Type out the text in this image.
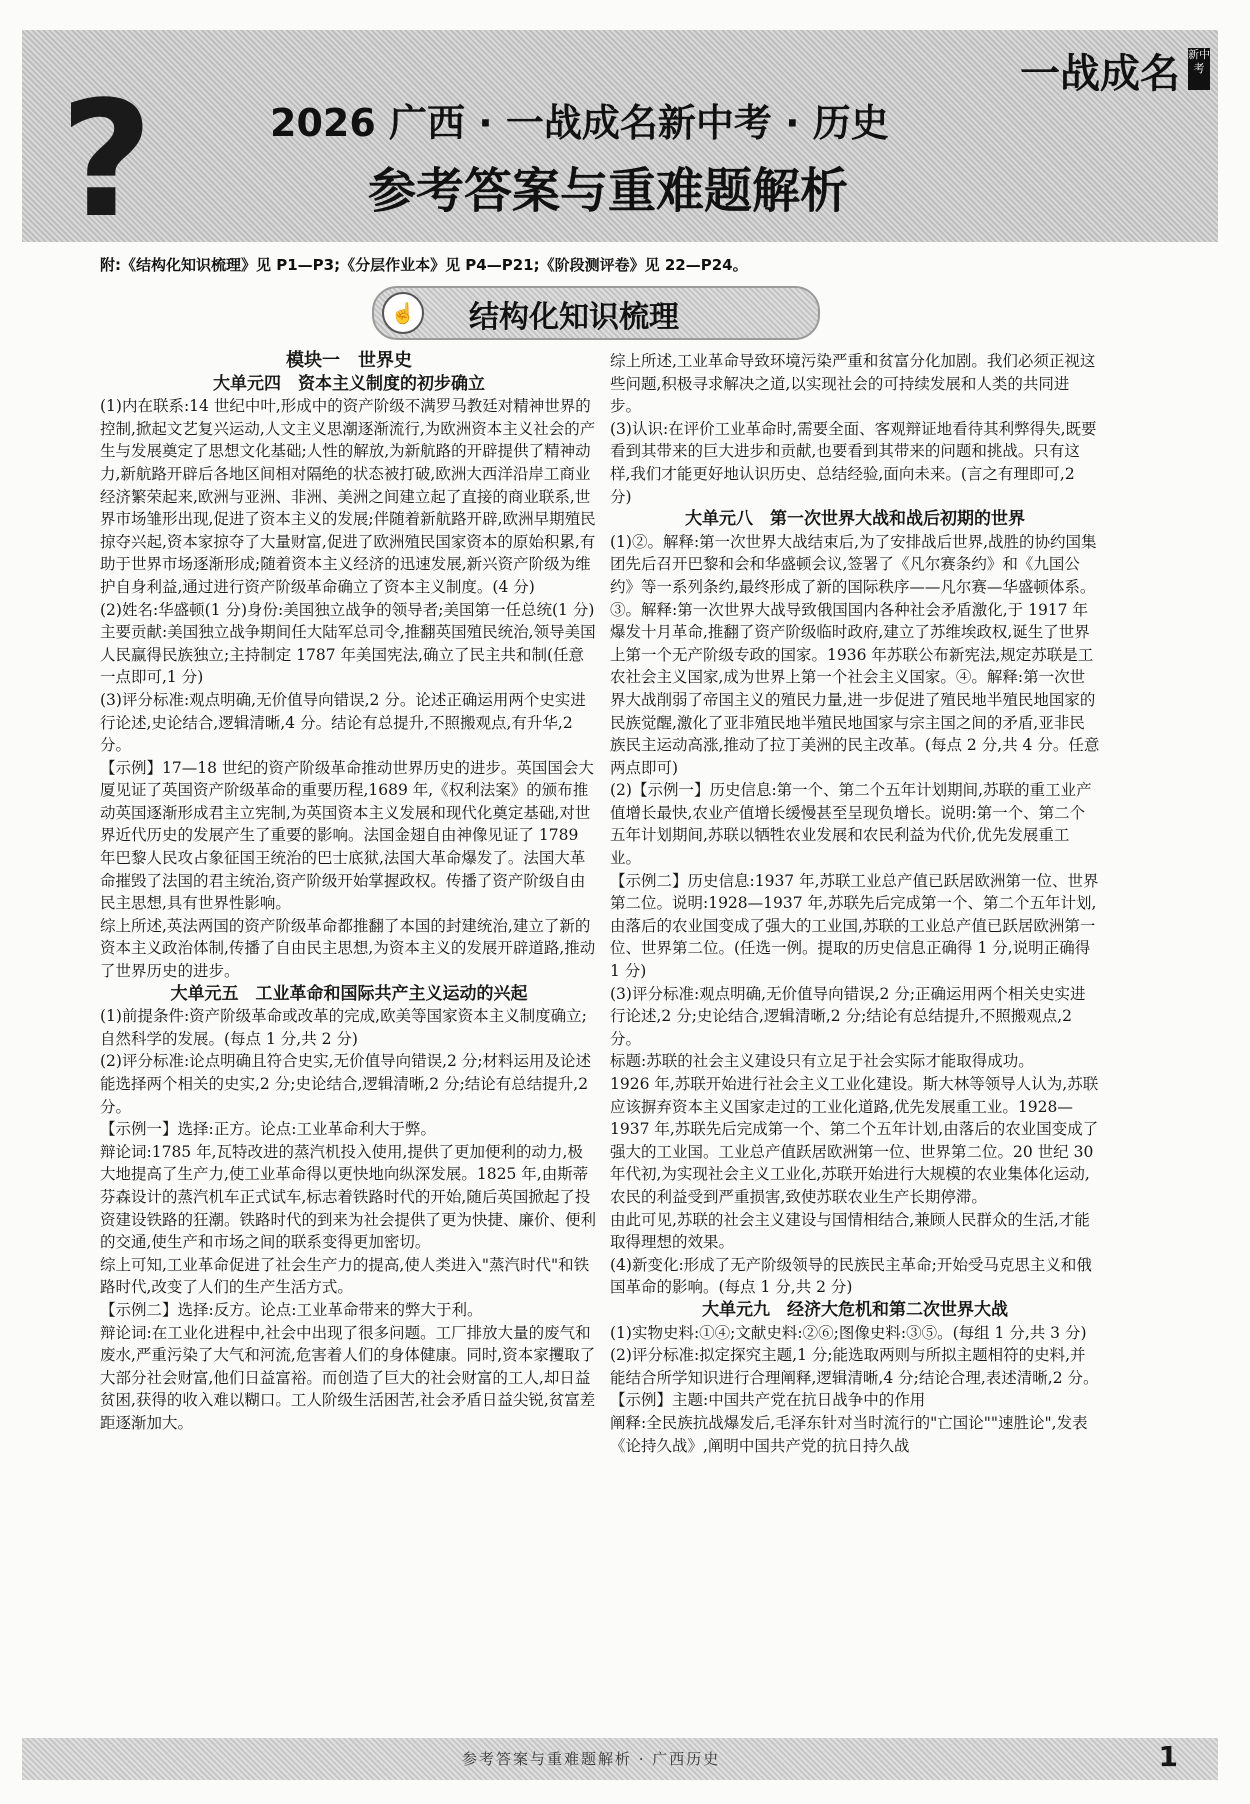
?	一战成名 新中考
2026 广西 · 一战成名新中考 · 历史
参考答案与重难题解析
附:《结构化知识梳理》见 P1—P3;《分层作业本》见 P4—P21;《阶段测评卷》见 22—P24。
☝ 结构化知识梳理

模块一　世界史

大单元四　资本主义制度的初步确立

(1)内在联系:14 世纪中叶,形成中的资产阶级不满罗马教廷对精神世界的控制,掀起文艺复兴运动,人文主义思潮逐渐流行,为欧洲资本主义社会的产生与发展奠定了思想文化基础;人性的解放,为新航路的开辟提供了精神动力,新航路开辟后各地区间相对隔绝的状态被打破,欧洲大西洋沿岸工商业经济繁荣起来,欧洲与亚洲、非洲、美洲之间建立起了直接的商业联系,世界市场雏形出现,促进了资本主义的发展;伴随着新航路开辟,欧洲早期殖民掠夺兴起,资本家掠夺了大量财富,促进了欧洲殖民国家资本的原始积累,有助于世界市场逐渐形成;随着资本主义经济的迅速发展,新兴资产阶级为维护自身利益,通过进行资产阶级革命确立了资本主义制度。(4 分)

(2)姓名:华盛顿(1 分)身份:美国独立战争的领导者;美国第一任总统(1 分)

主要贡献:美国独立战争期间任大陆军总司令,推翻英国殖民统治,领导美国人民赢得民族独立;主持制定 1787 年美国宪法,确立了民主共和制(任意一点即可,1 分)

(3)评分标准:观点明确,无价值导向错误,2 分。论述正确运用两个史实进行论述,史论结合,逻辑清晰,4 分。结论有总提升,不照搬观点,有升华,2 分。

【示例】17—18 世纪的资产阶级革命推动世界历史的进步。英国国会大厦见证了英国资产阶级革命的重要历程,1689 年,《权利法案》的颁布推动英国逐渐形成君主立宪制,为英国资本主义发展和现代化奠定基础,对世界近代历史的发展产生了重要的影响。法国金翅自由神像见证了 1789 年巴黎人民攻占象征国王统治的巴士底狱,法国大革命爆发了。法国大革命摧毁了法国的君主统治,资产阶级开始掌握政权。传播了资产阶级自由民主思想,具有世界性影响。

综上所述,英法两国的资产阶级革命都推翻了本国的封建统治,建立了新的资本主义政治体制,传播了自由民主思想,为资本主义的发展开辟道路,推动了世界历史的进步。

大单元五　工业革命和国际共产主义运动的兴起

(1)前提条件:资产阶级革命或改革的完成,欧美等国家资本主义制度确立;自然科学的发展。(每点 1 分,共 2 分)

(2)评分标准:论点明确且符合史实,无价值导向错误,2 分;材料运用及论述能选择两个相关的史实,2 分;史论结合,逻辑清晰,2 分;结论有总结提升,2 分。

【示例一】选择:正方。论点:工业革命利大于弊。

辩论词:1785 年,瓦特改进的蒸汽机投入使用,提供了更加便利的动力,极大地提高了生产力,使工业革命得以更快地向纵深发展。1825 年,由斯蒂芬森设计的蒸汽机车正式试车,标志着铁路时代的开始,随后英国掀起了投资建设铁路的狂潮。铁路时代的到来为社会提供了更为快捷、廉价、便利的交通,使生产和市场之间的联系变得更加密切。

综上可知,工业革命促进了社会生产力的提高,使人类进入"蒸汽时代"和铁路时代,改变了人们的生产生活方式。

【示例二】选择:反方。论点:工业革命带来的弊大于利。

辩论词:在工业化进程中,社会中出现了很多问题。工厂排放大量的废气和废水,严重污染了大气和河流,危害着人们的身体健康。同时,资本家攫取了大部分社会财富,他们日益富裕。而创造了巨大的社会财富的工人,却日益贫困,获得的收入难以糊口。工人阶级生活困苦,社会矛盾日益尖锐,贫富差距逐渐加大。

综上所述,工业革命导致环境污染严重和贫富分化加剧。我们必须正视这些问题,积极寻求解决之道,以实现社会的可持续发展和人类的共同进步。

(3)认识:在评价工业革命时,需要全面、客观辩证地看待其利弊得失,既要看到其带来的巨大进步和贡献,也要看到其带来的问题和挑战。只有这样,我们才能更好地认识历史、总结经验,面向未来。(言之有理即可,2 分)

大单元八　第一次世界大战和战后初期的世界

(1)②。解释:第一次世界大战结束后,为了安排战后世界,战胜的协约国集团先后召开巴黎和会和华盛顿会议,签署了《凡尔赛条约》和《九国公约》等一系列条约,最终形成了新的国际秩序——凡尔赛—华盛顿体系。③。解释:第一次世界大战导致俄国国内各种社会矛盾激化,于 1917 年爆发十月革命,推翻了资产阶级临时政府,建立了苏维埃政权,诞生了世界上第一个无产阶级专政的国家。1936 年苏联公布新宪法,规定苏联是工农社会主义国家,成为世界上第一个社会主义国家。④。解释:第一次世界大战削弱了帝国主义的殖民力量,进一步促进了殖民地半殖民地国家的民族觉醒,激化了亚非殖民地半殖民地国家与宗主国之间的矛盾,亚非民族民主运动高涨,推动了拉丁美洲的民主改革。(每点 2 分,共 4 分。任意两点即可)

(2)【示例一】历史信息:第一个、第二个五年计划期间,苏联的重工业产值增长最快,农业产值增长缓慢甚至呈现负增长。说明:第一个、第二个五年计划期间,苏联以牺牲农业发展和农民利益为代价,优先发展重工业。

【示例二】历史信息:1937 年,苏联工业总产值已跃居欧洲第一位、世界第二位。说明:1928—1937 年,苏联先后完成第一个、第二个五年计划,由落后的农业国变成了强大的工业国,苏联的工业总产值已跃居欧洲第一位、世界第二位。(任选一例。提取的历史信息正确得 1 分,说明正确得 1 分)

(3)评分标准:观点明确,无价值导向错误,2 分;正确运用两个相关史实进行论述,2 分;史论结合,逻辑清晰,2 分;结论有总结提升,不照搬观点,2 分。

标题:苏联的社会主义建设只有立足于社会实际才能取得成功。

1926 年,苏联开始进行社会主义工业化建设。斯大林等领导人认为,苏联应该摒弃资本主义国家走过的工业化道路,优先发展重工业。1928—1937 年,苏联先后完成第一个、第二个五年计划,由落后的农业国变成了强大的工业国。工业总产值跃居欧洲第一位、世界第二位。20 世纪 30 年代初,为实现社会主义工业化,苏联开始进行大规模的农业集体化运动,农民的利益受到严重损害,致使苏联农业生产长期停滞。

由此可见,苏联的社会主义建设与国情相结合,兼顾人民群众的生活,才能取得理想的效果。

(4)新变化:形成了无产阶级领导的民族民主革命;开始受马克思主义和俄国革命的影响。(每点 1 分,共 2 分)

大单元九　经济大危机和第二次世界大战

(1)实物史料:①④;文献史料:②⑥;图像史料:③⑤。(每组 1 分,共 3 分)

(2)评分标准:拟定探究主题,1 分;能选取两则与所拟主题相符的史料,并能结合所学知识进行合理阐释,逻辑清晰,4 分;结论合理,表述清晰,2 分。

【示例】主题:中国共产党在抗日战争中的作用

阐释:全民族抗战爆发后,毛泽东针对当时流行的"亡国论""速胜论",发表《论持久战》,阐明中国共产党的抗日持久战

参考答案与重难题解析 · 广西历史	1
